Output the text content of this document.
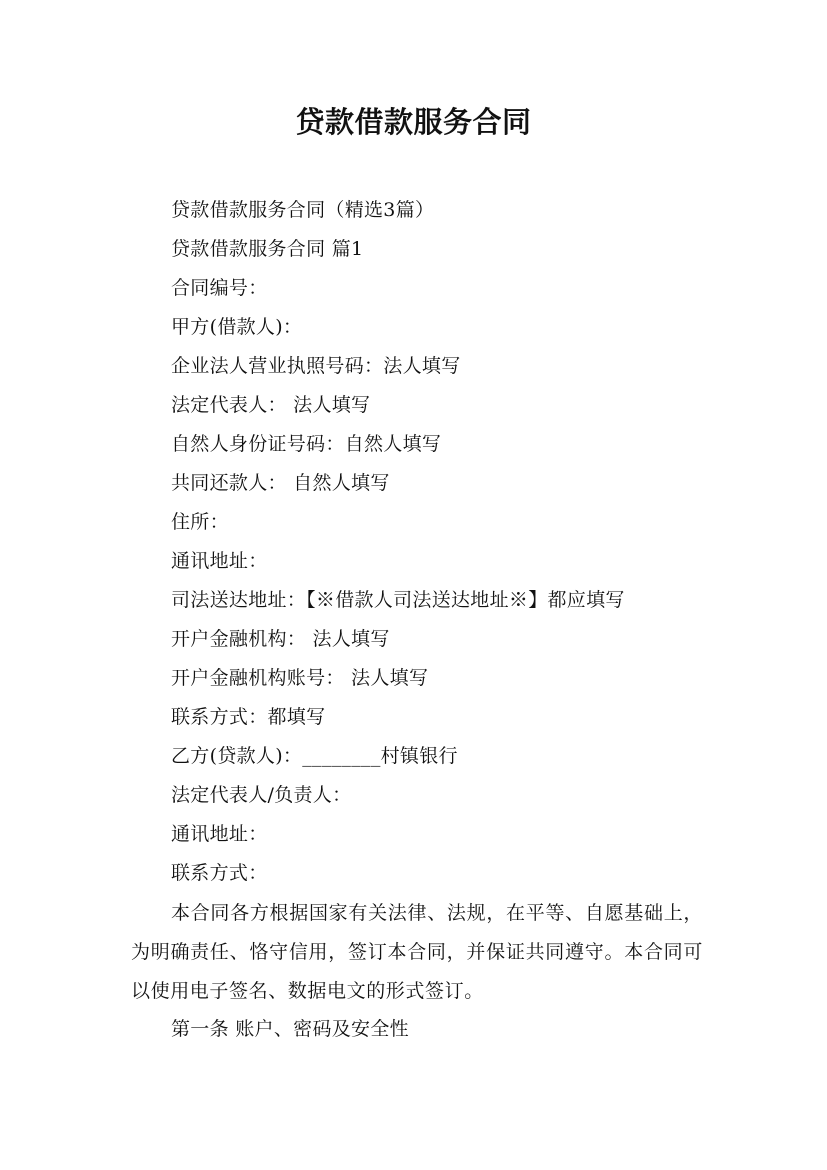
贷款借款服务合同
贷款借款服务合同（精选3篇）
贷款借款服务合同 篇1
合同编号：
甲方(借款人)：
企业法人营业执照号码：法人填写
法定代表人： 法人填写
自然人身份证号码：自然人填写
共同还款人： 自然人填写
住所：
通讯地址：
司法送达地址：【※借款人司法送达地址※】都应填写
开户金融机构： 法人填写
开户金融机构账号： 法人填写
联系方式：都填写
乙方(贷款人)：________村镇银行
法定代表人/负责人：
通讯地址：
联系方式：
本合同各方根据国家有关法律、法规，在平等、自愿基础上，为明确责任、恪守信用，签订本合同，并保证共同遵守。本合同可以使用电子签名、数据电文的形式签订。
第一条 账户、密码及安全性
